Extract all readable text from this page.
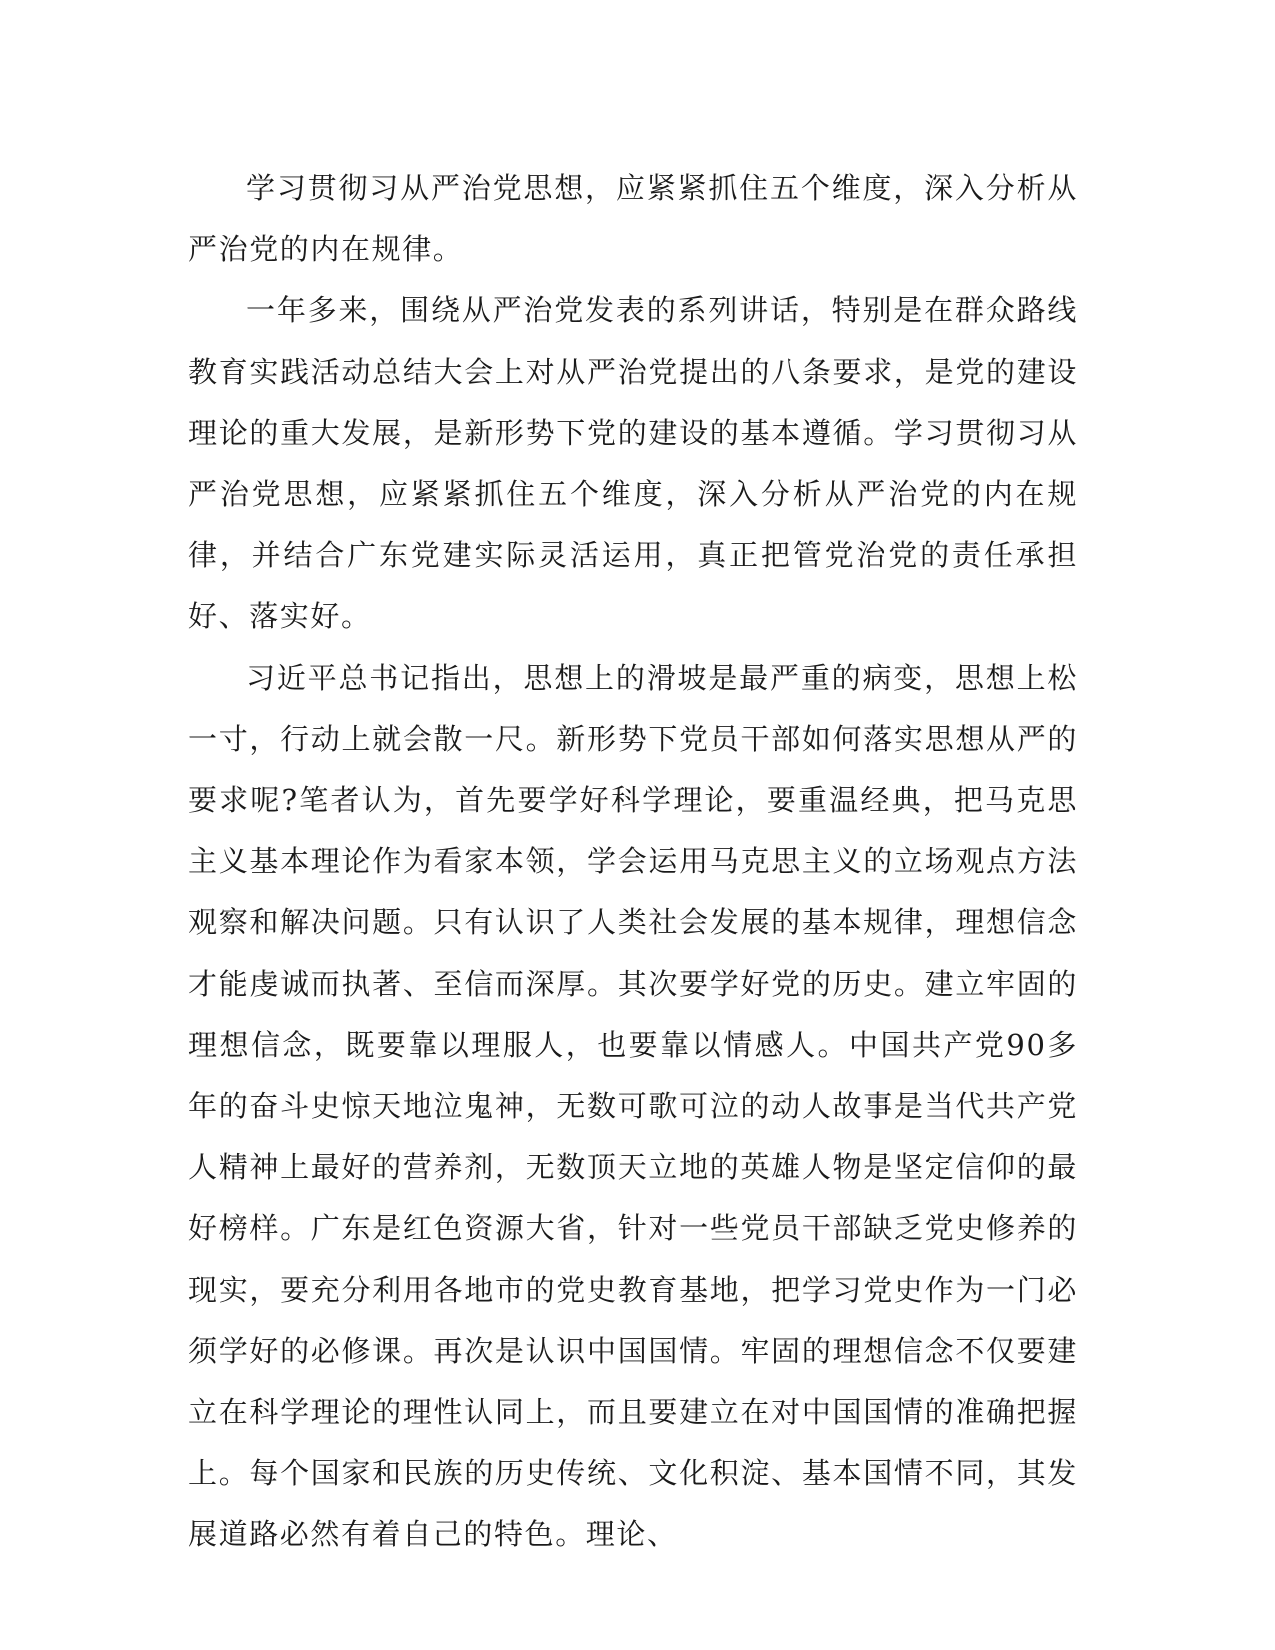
学习贯彻习从严治党思想，应紧紧抓住五个维度，深入分析从严治党的内在规律。

一年多来，围绕从严治党发表的系列讲话，特别是在群众路线教育实践活动总结大会上对从严治党提出的八条要求，是党的建设理论的重大发展，是新形势下党的建设的基本遵循。学习贯彻习从严治党思想，应紧紧抓住五个维度，深入分析从严治党的内在规律，并结合广东党建实际灵活运用，真正把管党治党的责任承担好、落实好。

习近平总书记指出，思想上的滑坡是最严重的病变，思想上松一寸，行动上就会散一尺。新形势下党员干部如何落实思想从严的要求呢?笔者认为，首先要学好科学理论，要重温经典，把马克思主义基本理论作为看家本领，学会运用马克思主义的立场观点方法观察和解决问题。只有认识了人类社会发展的基本规律，理想信念才能虔诚而执著、至信而深厚。其次要学好党的历史。建立牢固的理想信念，既要靠以理服人，也要靠以情感人。中国共产党90多年的奋斗史惊天地泣鬼神，无数可歌可泣的动人故事是当代共产党人精神上最好的营养剂，无数顶天立地的英雄人物是坚定信仰的最好榜样。广东是红色资源大省，针对一些党员干部缺乏党史修养的现实，要充分利用各地市的党史教育基地，把学习党史作为一门必须学好的必修课。再次是认识中国国情。牢固的理想信念不仅要建立在科学理论的理性认同上，而且要建立在对中国国情的准确把握上。每个国家和民族的历史传统、文化积淀、基本国情不同，其发展道路必然有着自己的特色。理论、
